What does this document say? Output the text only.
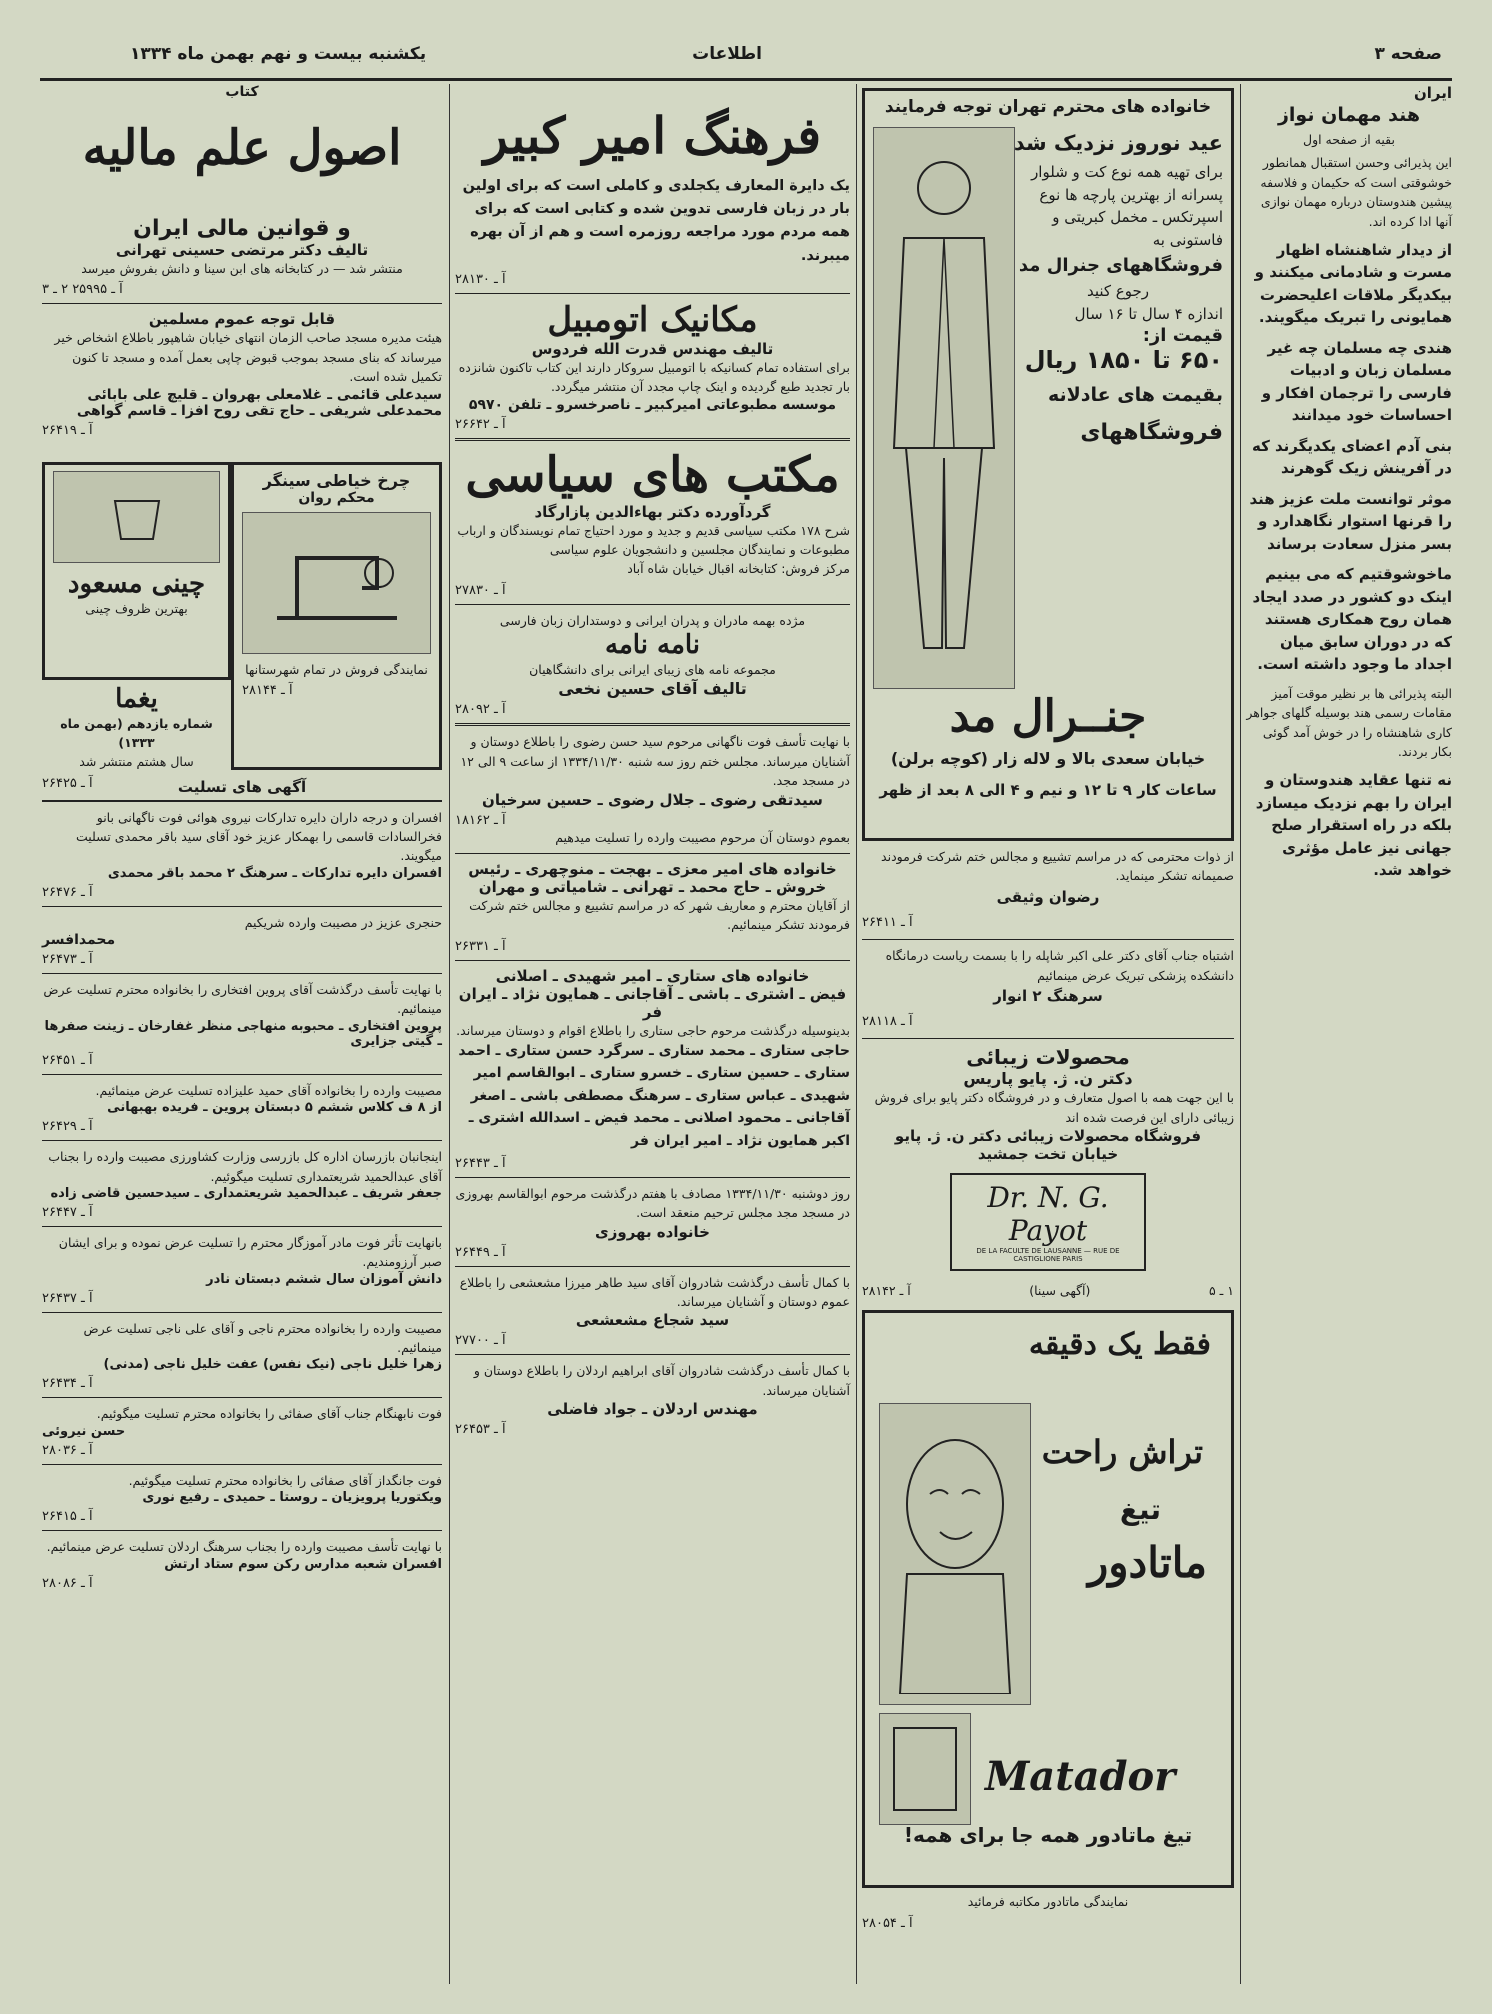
صفحه ۳
اطلاعات
یکشنبه بیست و نهم بهمن ماه ۱۳۳۴
ایران
هند مهمان نواز
بقیه از صفحه اول

این پذیرائی وحسن استقبال همانطور خوشوقتی است که حکیمان و فلاسفه پیشین هندوستان درباره مهمان نوازی آنها ادا کرده اند.

از دیدار شاهنشاه اظهار مسرت و شادمانی میکنند و بیکدیگر ملاقات اعلیحضرت همایونی را تبریک میگویند.
هندی چه مسلمان چه غیر مسلمان زبان و ادبیات فارسی را ترجمان افکار و احساسات خود میدانند
بنی آدم اعضای یکدیگرند که در آفرینش زیک گوهرند
موثر توانست ملت عزیز هند را قرنها استوار نگاهدارد و بسر منزل سعادت برساند
ماخوشوقتیم که می بینیم اینک دو کشور در صدد ایجاد همان روح همکاری هستند که در دوران سابق میان اجداد ما وجود داشته است.

البته پذیرائی ها بر نظیر موقت آمیز مقامات رسمی هند بوسیله گلهای جواهر کاری شاهنشاه را در خوش آمد گوئی بکار بردند.

نه تنها عقاید هندوستان و ایران را بهم نزدیک میسازد بلکه در راه استقرار صلح جهانی نیز عامل مؤثری خواهد شد.
خانواده های محترم تهران توجه فرمایند
عید نوروز نزدیک شد
برای تهیه همه نوع کت و شلوار پسرانه از بهترین پارچه ها نوع اسپرتکس ـ مخمل کبریتی و فاستونی به
فروشگاههای جنرال مد
رجوع کنید
اندازه ۴ سال تا ۱۶ سال
قیمت از:
۶۵۰ تا ۱۸۵۰ ریال
بقیمت های عادلانه
فروشگاههای
جنــرال مد
خیابان سعدی بالا و لاله زار (کوچه برلن)
ساعات کار ۹ تا ۱۲ و نیم و ۴ الی ۸ بعد از ظهر
از ذوات محترمی که در مراسم تشییع و مجالس ختم شرکت فرمودند صمیمانه تشکر مینماید.
رضوان وثیقی
آ ـ ۲۶۴۱۱
اشتباه جناب آقای دکتر علی اکبر شاپله را با بسمت ریاست درمانگاه دانشکده پزشکی تبریک عرض مینمائیم
سرهنگ ۲ انوار
آ ـ ۲۸۱۱۸
محصولات زیبائی
دکتر ن. ژ. پایو پاریس
با این جهت همه با اصول متعارف و در فروشگاه دکتر پایو برای فروش زیبائی دارای این فرصت شده اند
فروشگاه محصولات زیبائی دکتر ن. ژ. پایو
خیابان تخت جمشید
Dr. N. G. Payot
DE LA FACULTE DE LAUSANNE — RUE DE CASTIGLIONE PARIS
۱ ـ ۵
(آگهی سینا)
آ ـ ۲۸۱۴۲
فقط یک دقیقه
تراش راحت
تیغ
ماتادور
Matador
تیغ ماتادور همه جا برای همه!
نمایندگی ماتادور مکاتبه فرمائید
آ ـ ۲۸۰۵۴
فرهنگ امیر کبیر
یک دایرة المعارف یکجلدی و کاملی است که برای اولین بار در زبان فارسی تدوین شده و کتابی است که برای همه مردم مورد مراجعه روزمره است و هم از آن بهره میبرند.
آ ـ ۲۸۱۳۰
مکانیک اتومبیل
تالیف مهندس قدرت الله فردوس
برای استفاده تمام کسانیکه با اتومبیل سروکار دارند این کتاب تاکنون شانزده بار تجدید طبع گردیده و اینک چاپ مجدد آن منتشر میگردد.
موسسه مطبوعاتی امیرکبیر ـ ناصرخسرو ـ تلفن ۵۹۷۰
آ ـ ۲۶۶۴۲
مکتب های سیاسی
گردآورده دکتر بهاءالدین پازارگاد
شرح ۱۷۸ مکتب سیاسی قدیم و جدید و مورد احتیاج تمام نویسندگان و ارباب مطبوعات و نمایندگان مجلسین و دانشجویان علوم سیاسی
مرکز فروش: کتابخانه اقبال خیابان شاه آباد
آ ـ ۲۷۸۳۰
مژده بهمه مادران و پدران ایرانی و دوستداران زبان فارسی
نامه نامه
مجموعه نامه های زیبای ایرانی برای دانشگاهیان
تالیف آقای حسین نخعی
آ ـ ۲۸۰۹۲
با نهایت تأسف فوت ناگهانی مرحوم سید حسن رضوی را باطلاع دوستان و آشنایان میرساند. مجلس ختم روز سه شنبه ۱۳۳۴/۱۱/۳۰ از ساعت ۹ الی ۱۲ در مسجد مجد.
سیدتقی رضوی ـ جلال رضوی ـ حسین سرخیان
آ ـ ۱۸۱۶۲
بعموم دوستان آن مرحوم مصیبت وارده را تسلیت میدهیم
خانواده های امیر معزی ـ بهجت ـ منوچهری ـ رئیس
خروش ـ حاج محمد ـ تهرانی ـ شامیاتی و مهران
از آقایان محترم و معاریف شهر که در مراسم تشییع و مجالس ختم شرکت فرمودند تشکر مینمائیم.
آ ـ ۲۶۳۳۱
خانواده های ستاری ـ امیر شهیدی ـ اصلانی
فیض ـ اشتری ـ باشی ـ آقاجانی ـ همایون نژاد ـ ایران فر
بدینوسیله درگذشت مرحوم حاجی ستاری را باطلاع اقوام و دوستان میرساند.
حاجی ستاری ـ محمد ستاری ـ سرگرد حسن ستاری ـ احمد ستاری ـ حسین ستاری ـ خسرو ستاری ـ ابوالقاسم امیر شهیدی ـ عباس ستاری ـ سرهنگ مصطفی باشی ـ اصغر آقاجانی ـ محمود اصلانی ـ محمد فیض ـ اسدالله اشتری ـ اکبر همایون نژاد ـ امیر ایران فر
آ ـ ۲۶۴۴۳
روز دوشنبه ۱۳۳۴/۱۱/۳۰ مصادف با هفتم درگذشت مرحوم ابوالقاسم بهروزی در مسجد مجد مجلس ترحیم منعقد است.
خانواده بهروزی
آ ـ ۲۶۴۴۹
با کمال تأسف درگذشت شادروان آقای سید طاهر میرزا مشعشعی را باطلاع عموم دوستان و آشنایان میرساند.
سید شجاع مشعشعی
آ ـ ۲۷۷۰۰
با کمال تأسف درگذشت شادروان آقای ابراهیم اردلان را باطلاع دوستان و آشنایان میرساند.
مهندس اردلان ـ جواد فاضلی
آ ـ ۲۶۴۵۳
کتاب
اصول علم مالیه
و قوانین مالی ایران
تالیف دکتر مرتضی حسینی تهرانی
منتشر شد — در کتابخانه های ابن سینا و دانش بفروش میرسد
آ ـ ۲۵۹۹۵ ۲ ـ ۳
قابل توجه عموم مسلمین
هیئت مدیره مسجد صاحب الزمان انتهای خیابان شاهپور باطلاع اشخاص خیر میرساند که بنای مسجد بموجب قبوض چاپی بعمل آمده و مسجد تا کنون تکمیل شده است.
سیدعلی قائمی ـ غلامعلی بهروان ـ قلیچ علی بابائی
محمدعلی شریفی ـ حاج تقی روح افزا ـ قاسم گواهی
آ ـ ۲۶۴۱۹
چرخ خیاطی سینگر
محکم روان
نمایندگی فروش در تمام شهرستانها
آ ـ ۲۸۱۴۴
چینی مسعود
بهترین ظروف چینی
یغما
شماره یازدهم (بهمن ماه ۱۳۳۳)
سال هشتم منتشر شد
آ ـ ۲۶۴۲۵	آگهی های تسلیت
افسران و درجه داران دایره تدارکات نیروی هوائی فوت ناگهانی بانو فخرالسادات قاسمی را بهمکار عزیز خود آقای سید باقر محمدی تسلیت میگویند.
افسران دایره تدارکات ـ سرهنگ ۲ محمد باقر محمدی
آ ـ ۲۶۴۷۶
حنجری عزیز در مصیبت وارده شریکیم
محمدافسر
آ ـ ۲۶۴۷۳
با نهایت تأسف درگذشت آقای پروین افتخاری را بخانواده محترم تسلیت عرض مینمائیم.
پروین افتخاری ـ محبوبه منهاجی منظر غفارخان ـ زینت صفرها ـ گیتی جزایری
آ ـ ۲۶۴۵۱
مصیبت وارده را بخانواده آقای حمید علیزاده تسلیت عرض مینمائیم.
از ۸ ف کلاس ششم ۵ دبستان پروین ـ فریده بهبهانی
آ ـ ۲۶۴۲۹
اینجانبان بازرسان اداره کل بازرسی وزارت کشاورزی مصیبت وارده را بجناب آقای عبدالحمید شریعتمداری تسلیت میگوئیم.
جعفر شریف ـ عبدالحمید شریعتمداری ـ سیدحسین قاضی زاده
آ ـ ۲۶۴۴۷
بانهایت تأثر فوت مادر آموزگار محترم را تسلیت عرض نموده و برای ایشان صبر آرزومندیم.
دانش آموزان سال ششم دبستان نادر
آ ـ ۲۶۴۳۷
مصیبت وارده را بخانواده محترم ناجی و آقای علی ناجی تسلیت عرض مینمائیم.
زهرا خلیل ناجی (نیک نفس) عفت خلیل ناجی (مدنی)
آ ـ ۲۶۴۳۴
فوت نابهنگام جناب آقای صفائی را بخانواده محترم تسلیت میگوئیم.
حسن نیروئی
آ ـ ۲۸۰۳۶
فوت جانگداز آقای صفائی را بخانواده محترم تسلیت میگوئیم.
ویکتوریا پرویزیان ـ روستا ـ حمیدی ـ رفیع نوری
آ ـ ۲۶۴۱۵
با نهایت تأسف مصیبت وارده را بجناب سرهنگ اردلان تسلیت عرض مینمائیم.
افسران شعبه مدارس رکن سوم ستاد ارتش
آ ـ ۲۸۰۸۶
